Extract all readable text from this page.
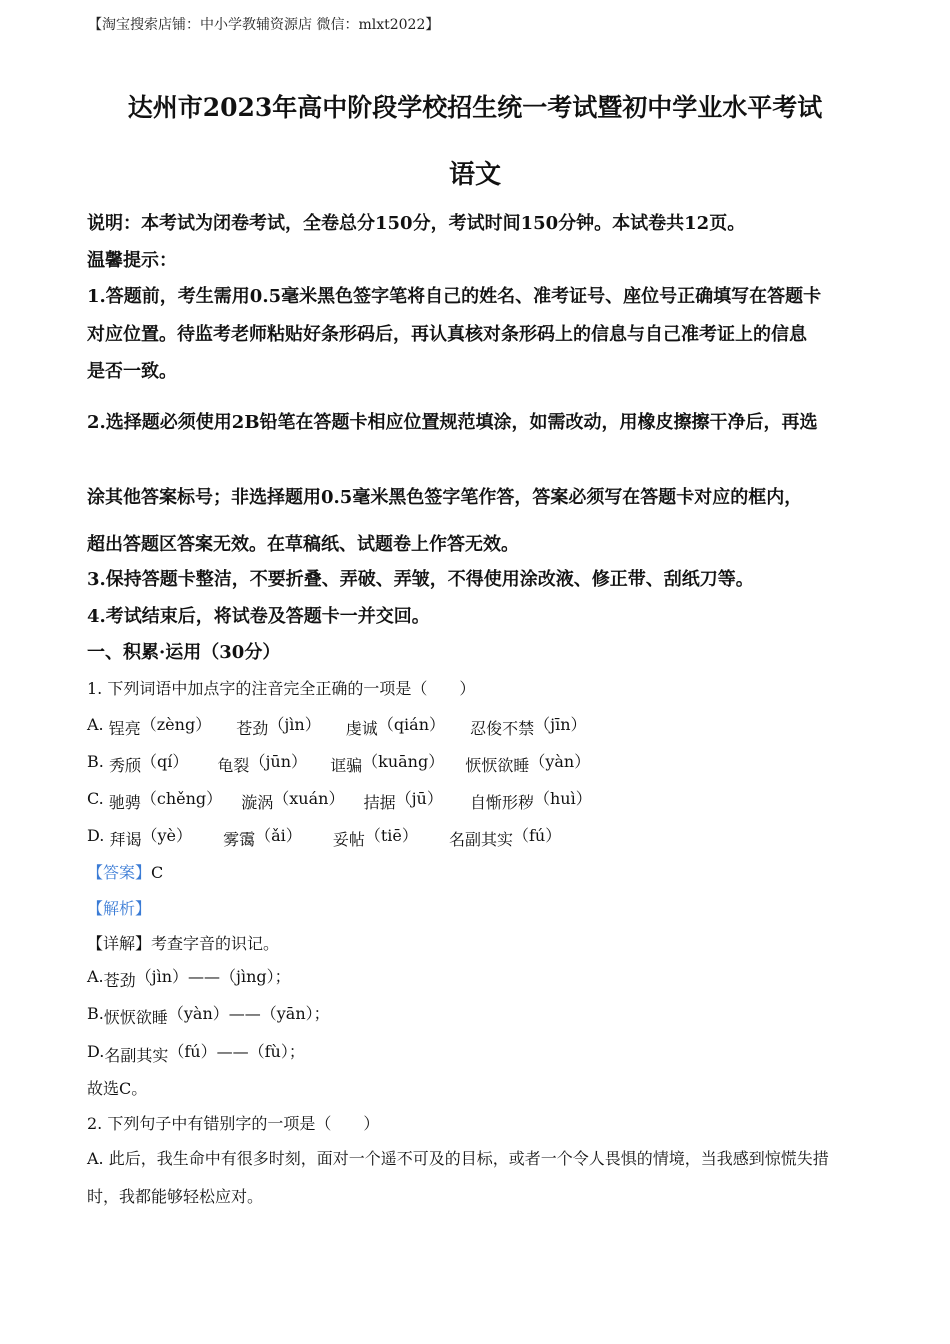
【淘宝搜索店铺：中小学教辅资源店 微信：mlxt2022】
达州市2023年高中阶段学校招生统一考试暨初中学业水平考试
语文
说明：本考试为闭卷考试，全卷总分150分，考试时间150分钟。本试卷共12页。
温馨提示：
1.答题前，考生需用0.5毫米黑色签字笔将自己的姓名、准考证号、座位号正确填写在答题卡
对应位置。待监考老师粘贴好条形码后，再认真核对条形码上的信息与自己准考证上的信息
是否一致。
2.选择题必须使用2B铅笔在答题卡相应位置规范填涂，如需改动，用橡皮擦擦干净后，再选
涂其他答案标号；非选择题用0.5毫米黑色签字笔作答，答案必须写在答题卡对应的框内，
超出答题区答案无效。在草稿纸、试题卷上作答无效。
3.保持答题卡整洁，不要折叠、弄破、弄皱，不得使用涂改液、修正带、刮纸刀等。
4.考试结束后，将试卷及答题卡一并交回。
一、积累·运用（30分）
1. 下列词语中加点字的注音完全正确的一项是（　　）
A. 锃亮（zèng） 苍劲（jìn） 虔诚（qián） 忍俊不禁（jīn）
B. 秀颀（qí） 龟裂（jūn） 诓骗（kuāng） 恹恹欲睡（yàn）
C. 驰骋（chěng） 漩涡（xuán） 拮据（jū） 自惭形秽（huì）
D. 拜谒（yè） 雾霭（ǎi） 妥帖（tiē） 名副其实（fú）
【答案】C
【解析】
【详解】考查字音的识记。
A.苍劲（jìn）——（jìng）；
B.恹恹欲睡（yàn）——（yān）；
D.名副其实（fú）——（fù）；
故选C。
2. 下列句子中有错别字的一项是（　　）
A. 此后，我生命中有很多时刻，面对一个遥不可及的目标，或者一个令人畏惧的情境，当我感到惊慌失措
时，我都能够轻松应对。
